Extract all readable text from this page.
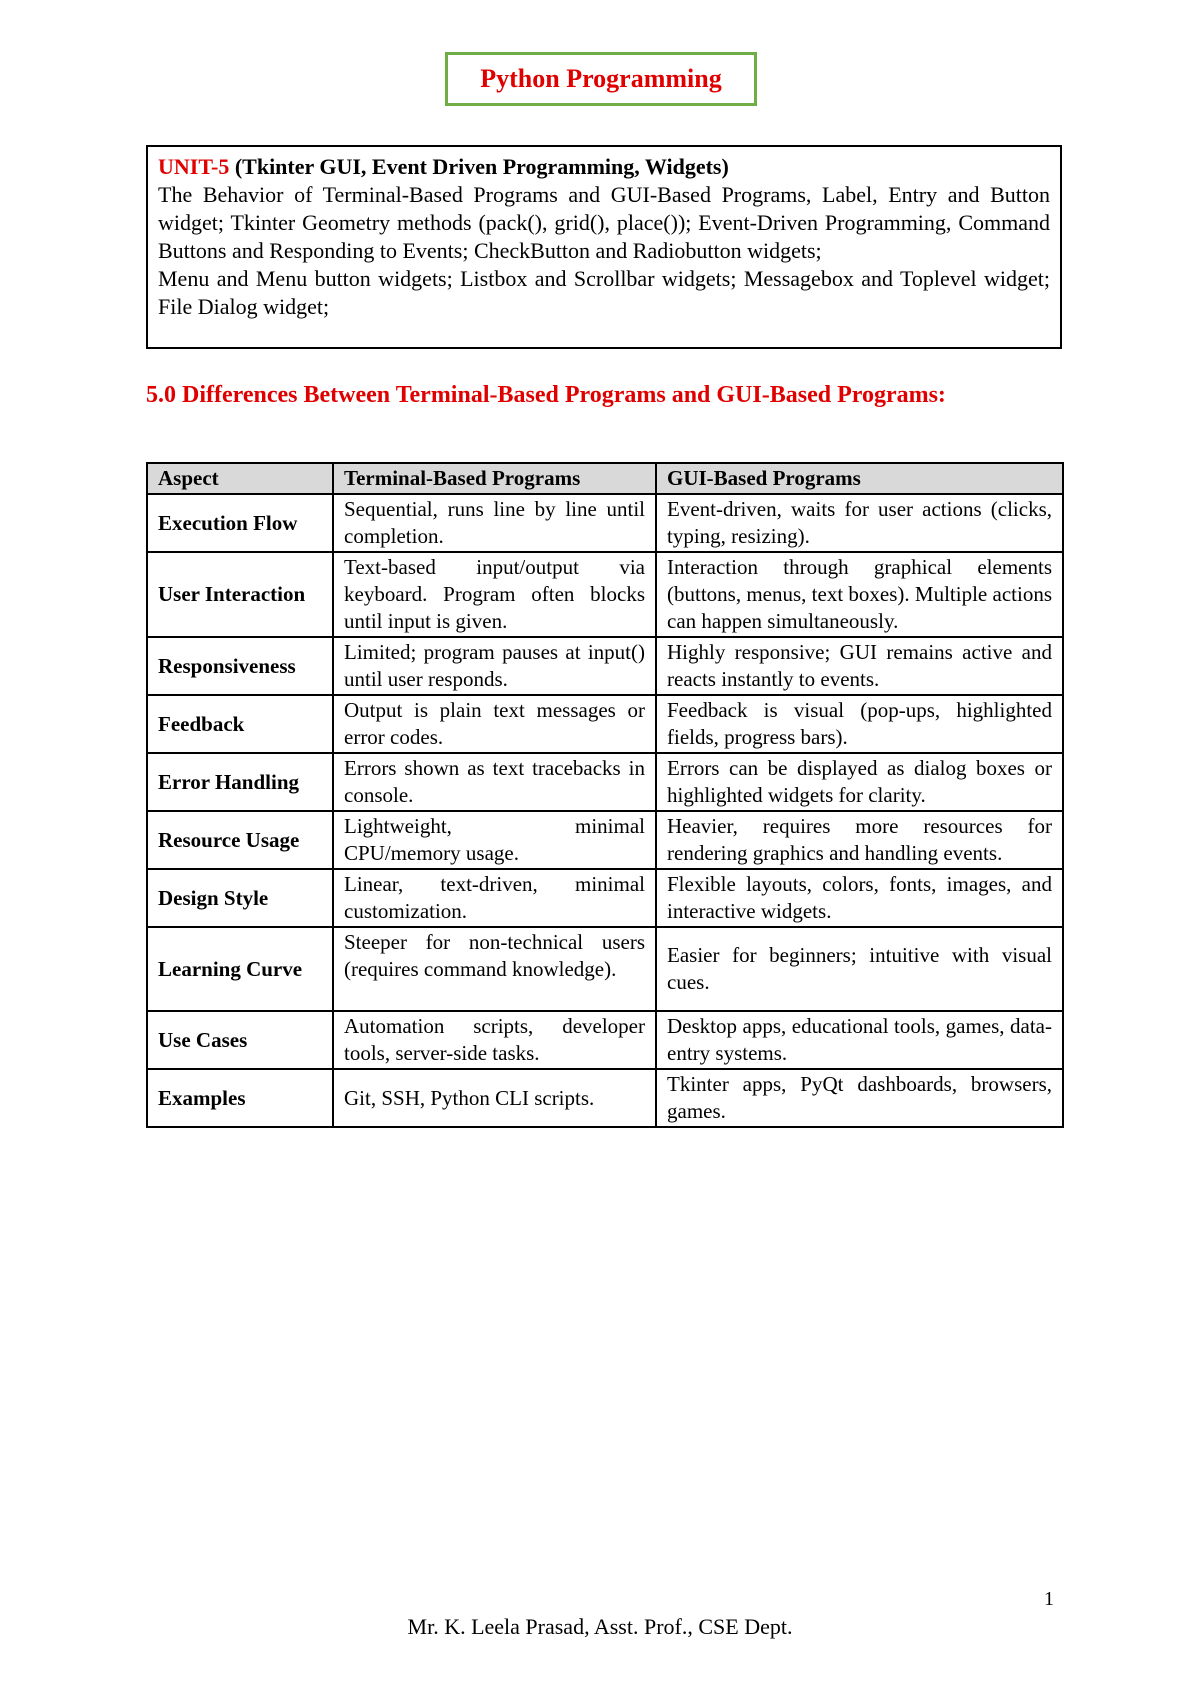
Python Programming

UNIT-5 (Tkinter GUI, Event Driven Programming, Widgets)

The Behavior of Terminal-Based Programs and GUI-Based Programs, Label, Entry and Button widget; Tkinter Geometry methods (pack(), grid(), place()); Event-Driven Programming, Command Buttons and Responding to Events; CheckButton and Radiobutton widgets;

Menu and Menu button widgets; Listbox and Scrollbar widgets; Messagebox and Toplevel widget; File Dialog widget;

5.0 Differences Between Terminal-Based Programs and GUI-Based Programs:
Aspect	Terminal-Based Programs	GUI-Based Programs
Execution Flow	Sequential, runs line by line until completion.	Event-driven, waits for user actions (clicks, typing, resizing).
User Interaction	Text-based input/output via keyboard. Program often blocks until input is given.	Interaction through graphical elements (buttons, menus, text boxes). Multiple actions can happen simultaneously.
Responsiveness	Limited; program pauses at input() until user responds.	Highly responsive; GUI remains active and reacts instantly to events.
Feedback	Output is plain text messages or error codes.	Feedback is visual (pop-ups, highlighted fields, progress bars).
Error Handling	Errors shown as text tracebacks in console.	Errors can be displayed as dialog boxes or highlighted widgets for clarity.
Resource Usage	Lightweight, minimal CPU/memory usage.	Heavier, requires more resources for rendering graphics and handling events.
Design Style	Linear, text-driven, minimal customization.	Flexible layouts, colors, fonts, images, and interactive widgets.
Learning Curve	Steeper for non-technical users (requires command knowledge).	Easier for beginners; intuitive with visual cues.
Use Cases	Automation scripts, developer tools, server-side tasks.	Desktop apps, educational tools, games, data-entry systems.
Examples	Git, SSH, Python CLI scripts.	Tkinter apps, PyQt dashboards, browsers, games.
1
Mr. K. Leela Prasad, Asst. Prof., CSE Dept.
